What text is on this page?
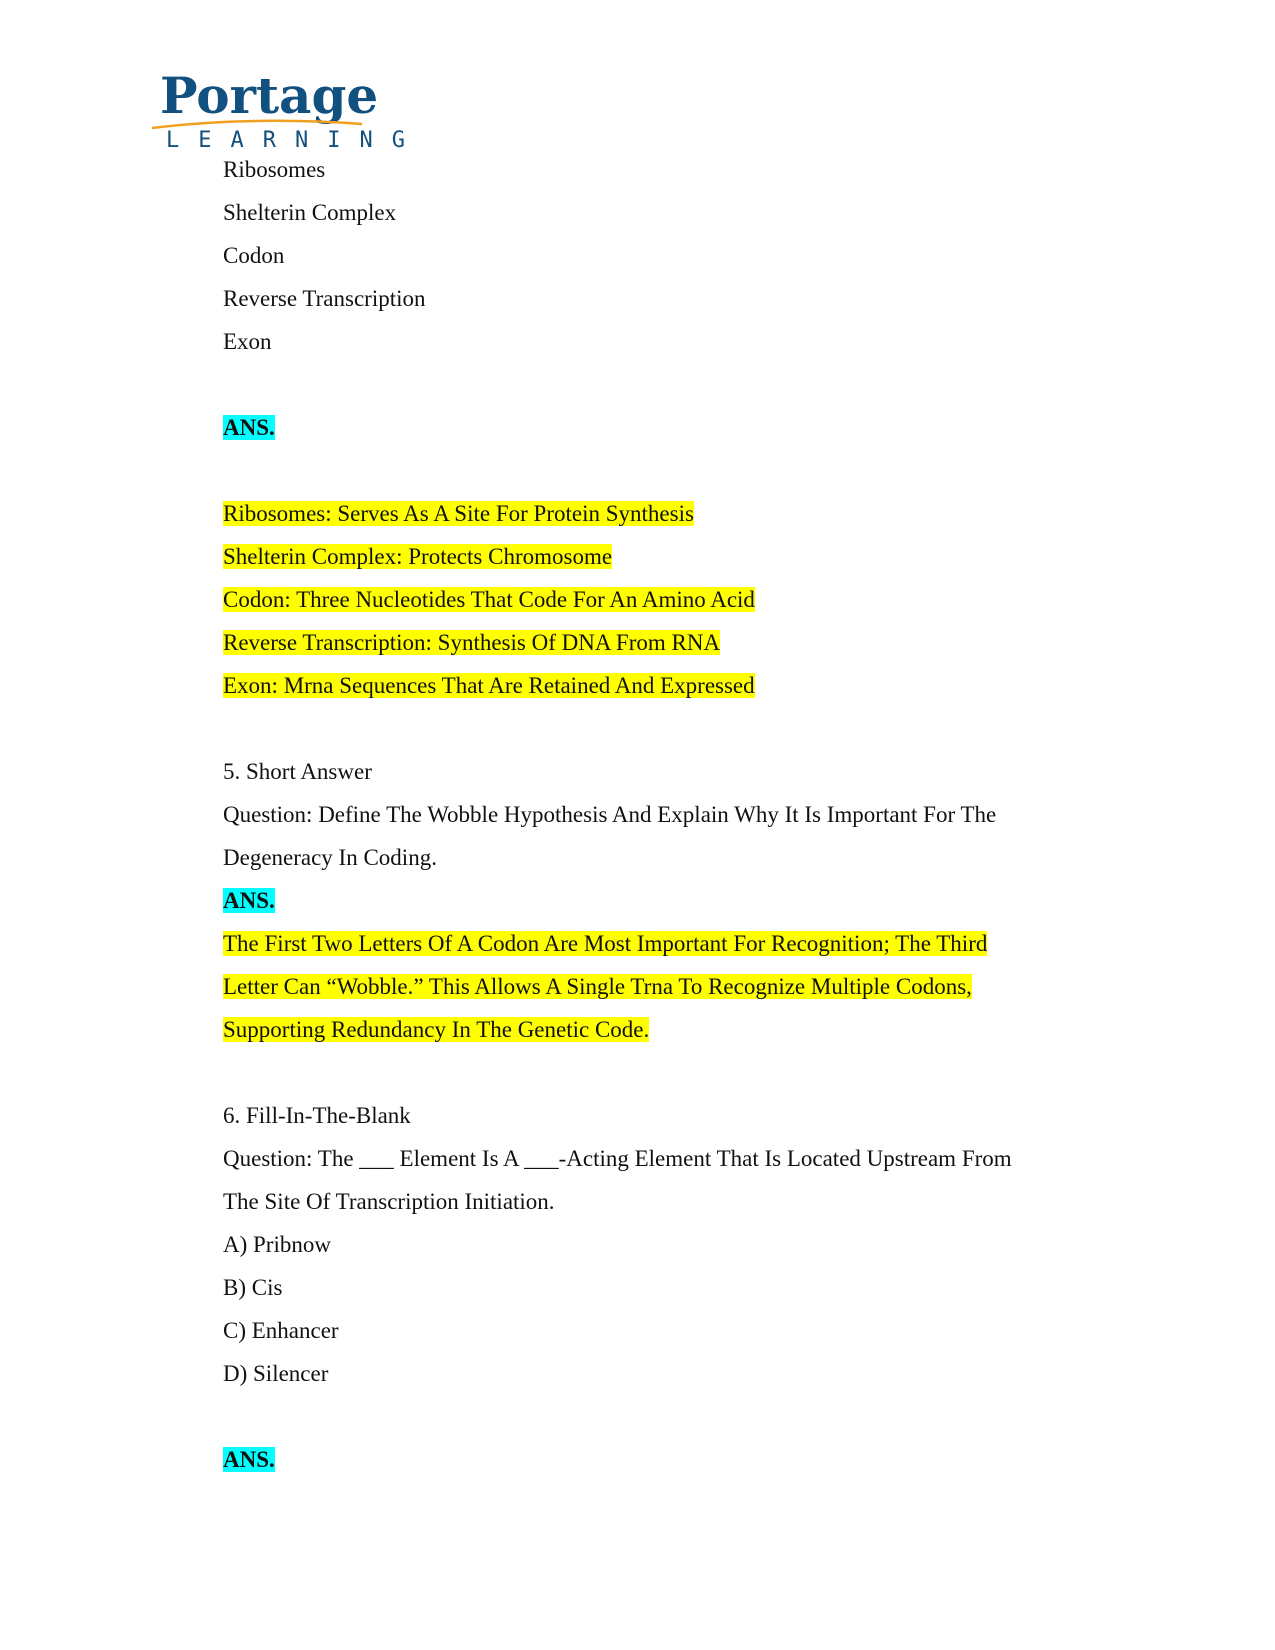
Portage
LEARNING
Ribosomes
Shelterin Complex
Codon
Reverse Transcription
Exon
ANS.
Ribosomes: Serves As A Site For Protein Synthesis
Shelterin Complex: Protects Chromosome
Codon: Three Nucleotides That Code For An Amino Acid
Reverse Transcription: Synthesis Of DNA From RNA
Exon: Mrna Sequences That Are Retained And Expressed
5. Short Answer
Question: Define The Wobble Hypothesis And Explain Why It Is Important For The
Degeneracy In Coding.
ANS.
The First Two Letters Of A Codon Are Most Important For Recognition; The Third
Letter Can “Wobble.” This Allows A Single Trna To Recognize Multiple Codons,
Supporting Redundancy In The Genetic Code.
6. Fill-In-The-Blank
Question: The ___ Element Is A ___-Acting Element That Is Located Upstream From
The Site Of Transcription Initiation.
A) Pribnow
B) Cis
C) Enhancer
D) Silencer
ANS.
